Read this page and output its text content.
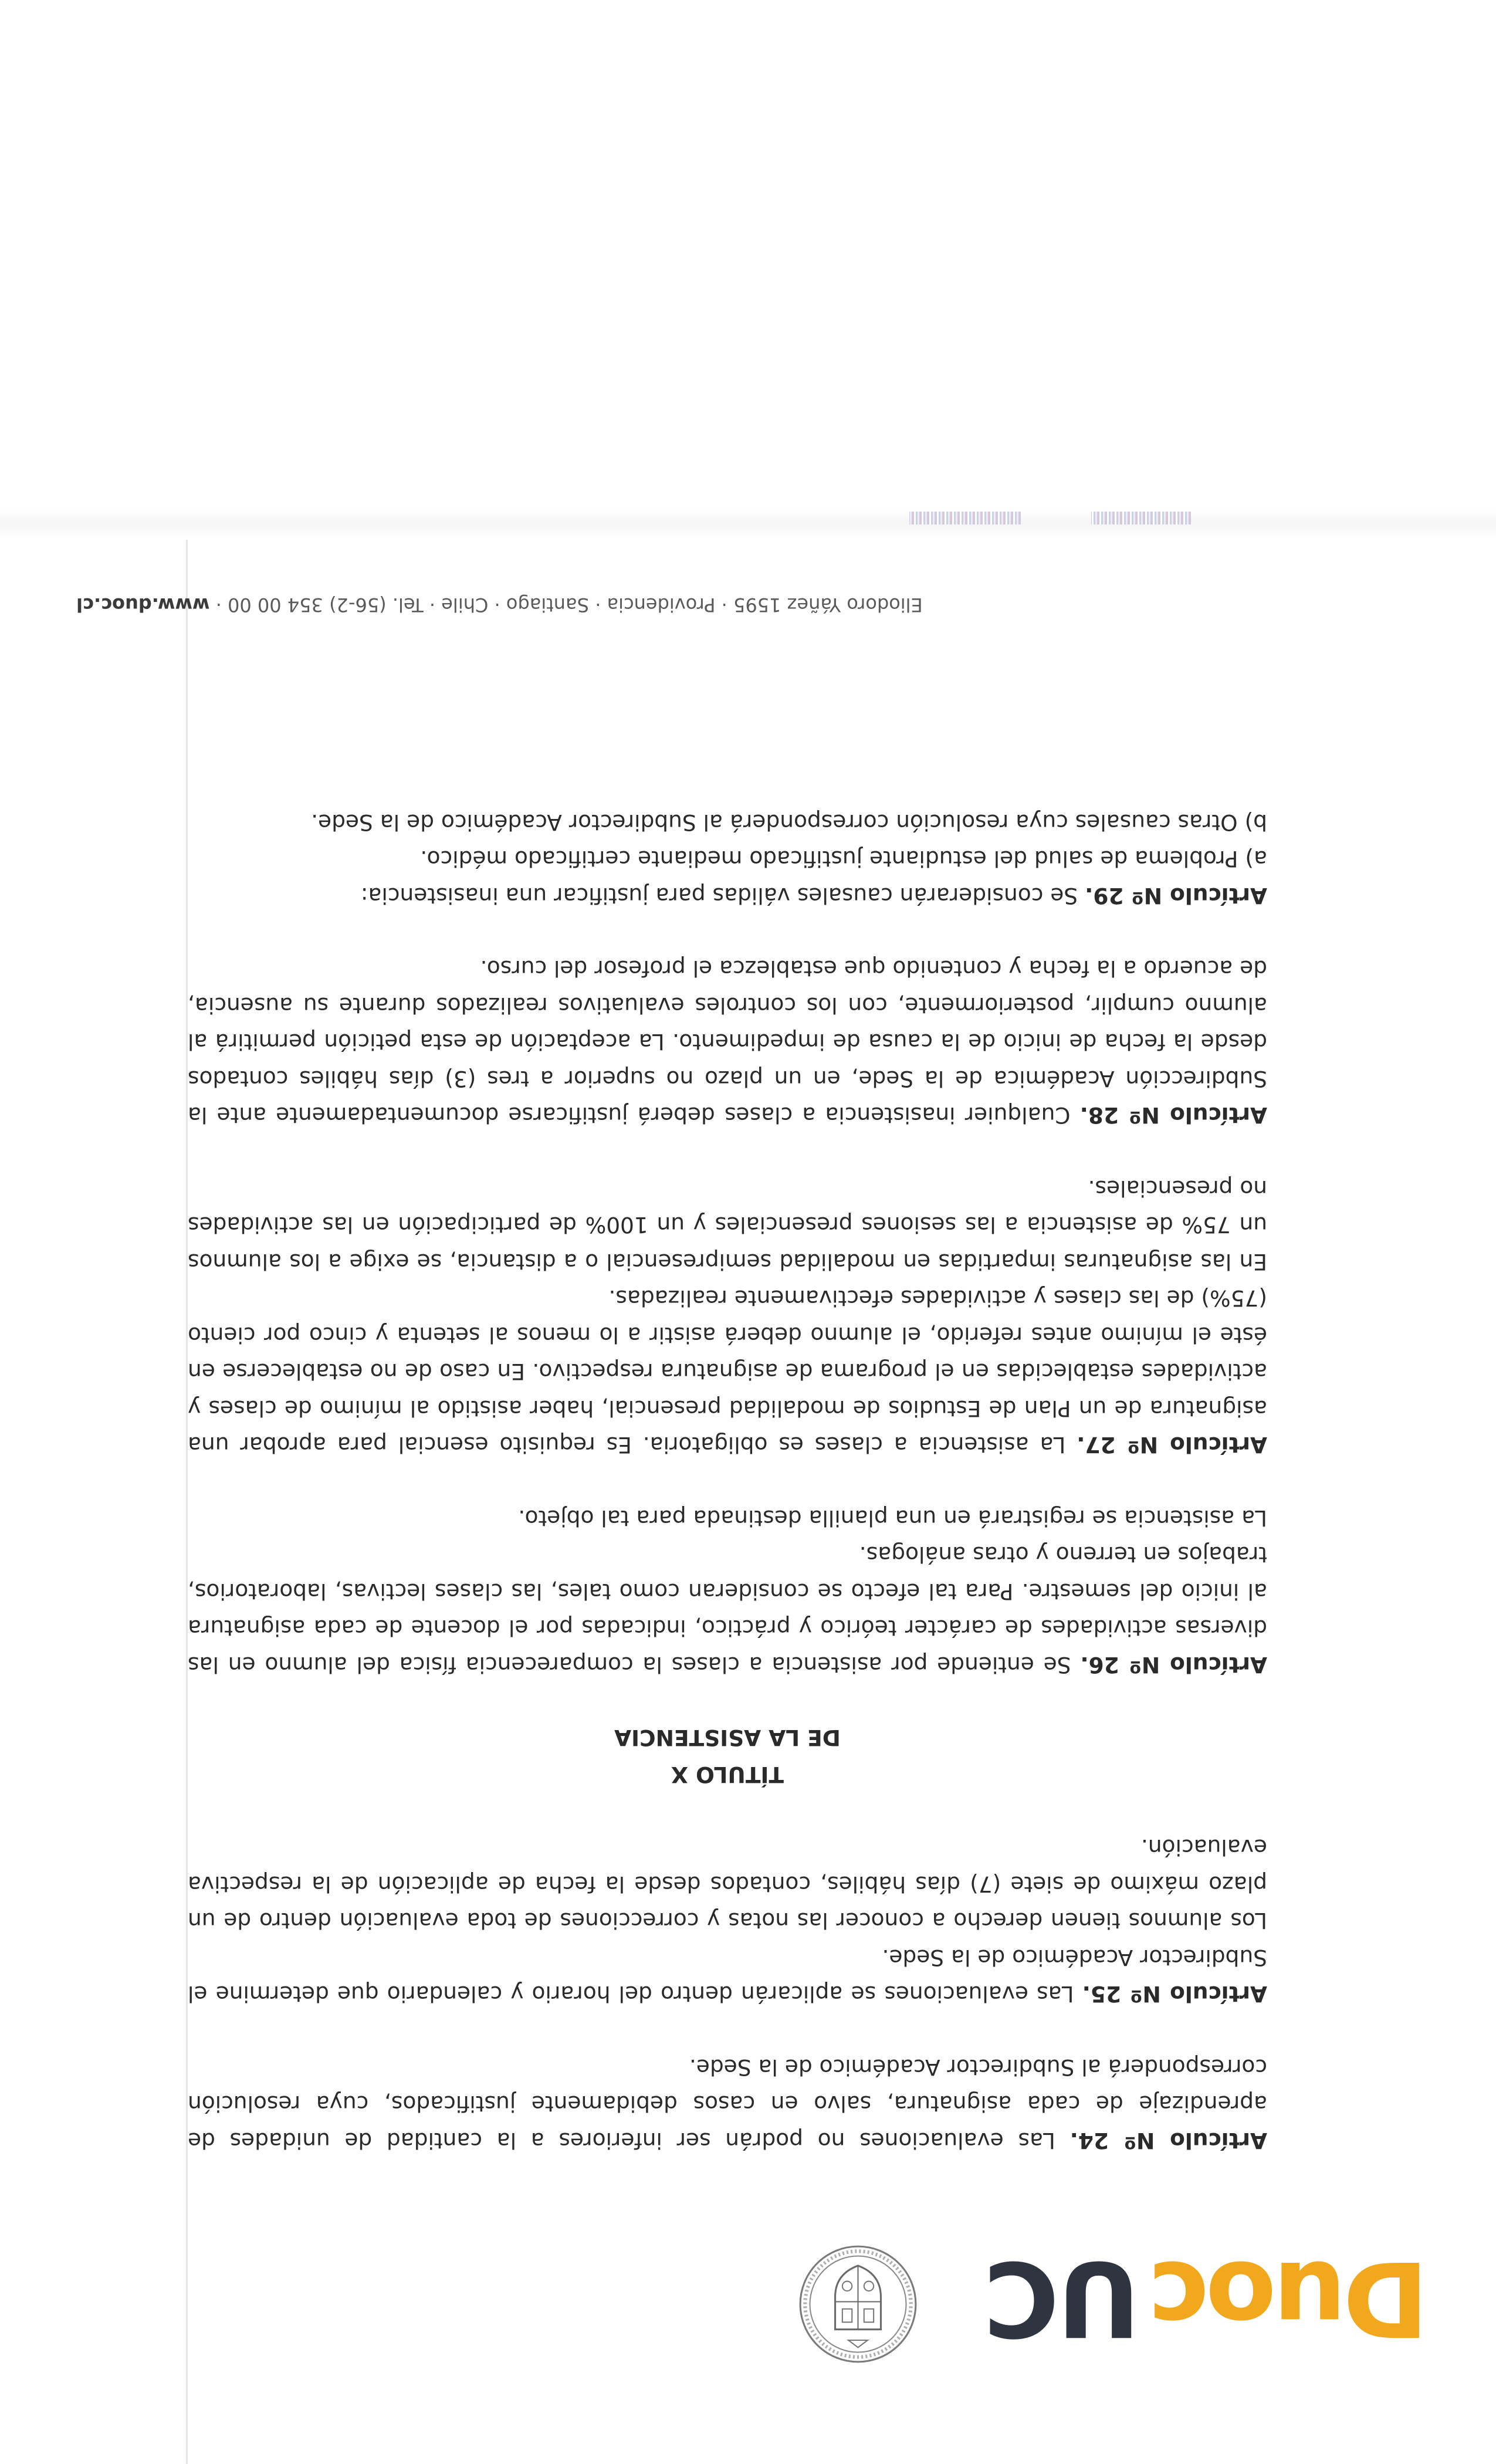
Duoc
UC

Artículo Nº 24. Las evaluaciones no podrán ser inferiores a la cantidad de unidades de aprendizaje de cada asignatura, salvo en casos debidamente justificados, cuya resolución corresponderá al Subdirector Académico de la Sede.

Artículo Nº 25. Las evaluaciones se aplicarán dentro del horario y calendario que determine el Subdirector Académico de la Sede.

Los alumnos tienen derecho a conocer las notas y correcciones de toda evaluación dentro de un plazo máximo de siete (7) días hábiles, contados desde la fecha de aplicación de la respectiva evaluación.

TÍTULO X
DE LA ASISTENCIA

Artículo Nº 26. Se entiende por asistencia a clases la comparecencia física del alumno en las diversas actividades de carácter teórico y práctico, indicadas por el docente de cada asignatura al inicio del semestre. Para tal efecto se consideran como tales, las clases lectivas, laboratorios, trabajos en terreno y otras análogas.

La asistencia se registrará en una planilla destinada para tal objeto.

Artículo Nº 27. La asistencia a clases es obligatoria. Es requisito esencial para aprobar una asignatura de un Plan de Estudios de modalidad presencial, haber asistido al mínimo de clases y actividades establecidas en el programa de asignatura respectivo. En caso de no establecerse en éste el mínimo antes referido, el alumno deberá asistir a lo menos al setenta y cinco por ciento (75%) de las clases y actividades efectivamente realizadas.

En las asignaturas impartidas en modalidad semipresencial o a distancia, se exige a los alumnos un 75% de asistencia a las sesiones presenciales y un 100% de participación en las actividades no presenciales.

Artículo Nº 28. Cualquier inasistencia a clases deberá justificarse documentadamente ante la Subdirección Académica de la Sede, en un plazo no superior a tres (3) días hábiles contados desde la fecha de inicio de la causa de impedimento. La aceptación de esta petición permitirá al alumno cumplir, posteriormente, con los controles evaluativos realizados durante su ausencia, de acuerdo a la fecha y contenido que establezca el profesor del curso.

Artículo Nº 29. Se considerarán causales válidas para justificar una inasistencia:

a) Problema de salud del estudiante justificado mediante certificado médico.
b) Otras causales cuya resolución corresponderá al Subdirector Académico de la Sede.
Eliodoro Yáñez 1595 · Providencia · Santiago · Chile · Tel. (56-2) 354 00 00 · www.duoc.cl
